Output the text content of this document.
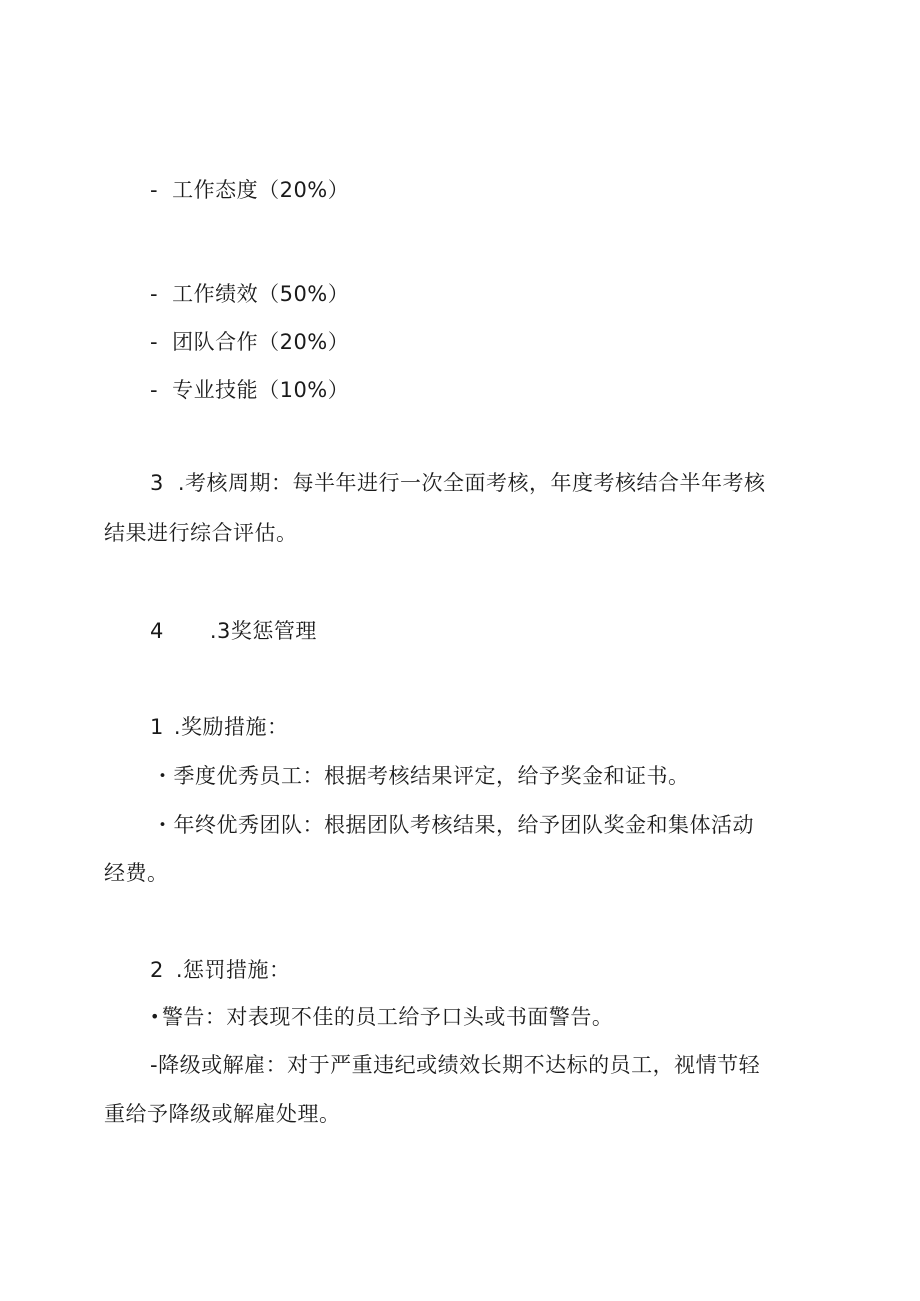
- 工作态度（20%）
- 工作绩效（50%）
- 团队合作（20%）
- 专业技能（10%）
3 .考核周期：每半年进行一次全面考核，年度考核结合半年考核
结果进行综合评估。
4 .3奖惩管理
1 .奖励措施：
・季度优秀员工：根据考核结果评定，给予奖金和证书。
・年终优秀团队：根据团队考核结果，给予团队奖金和集体活动
经费。
2 .惩罚措施：
•警告：对表现不佳的员工给予口头或书面警告。
-降级或解雇：对于严重违纪或绩效长期不达标的员工，视情节轻
重给予降级或解雇处理。
